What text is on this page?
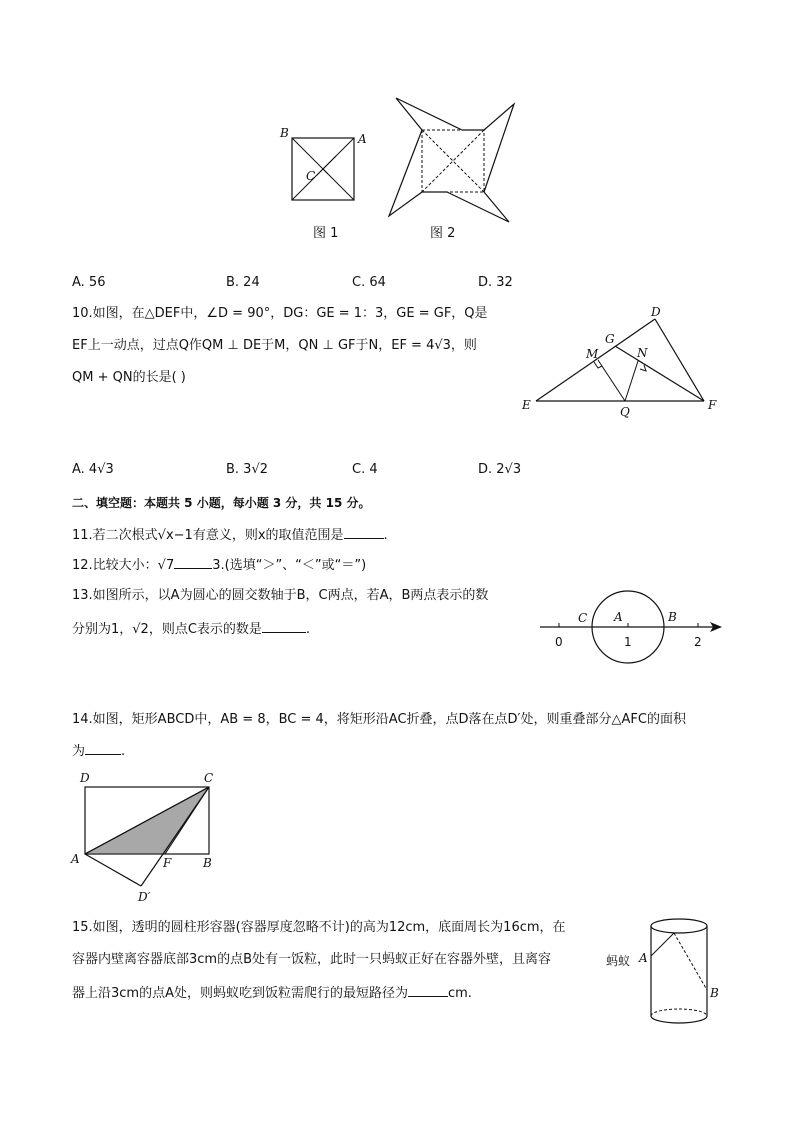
B	A
C
图 1	图 2
A. 56	B. 24	C. 64	D. 32
10.如图，在△DEF中，∠D = 90°，DG：GE = 1：3，GE = GF，Q是
EF上一动点，过点Q作QM ⊥ DE于M，QN ⊥ GF于N，EF = 4√3，则
QM + QN的长是( )
D
G
M	N
E	Q	F
A. 4√3	B. 3√2	C. 4	D. 2√3
二、填空题：本题共 5 小题，每小题 3 分，共 15 分。
11.若二次根式√x−1有意义，则x的取值范围是	.
12.比较大小：√7	3.(选填“＞”、“＜”或“＝”)
13.如图所示，以A为圆心的圆交数轴于B，C两点，若A，B两点表示的数
分别为1，√2，则点C表示的数是	.
C A	B
0	1	2
14.如图，矩形ABCD中，AB = 8，BC = 4，将矩形沿AC折叠，点D落在点D′处，则重叠部分△AFC的面积
为	.
D	C
A	F	B
D′
15.如图，透明的圆柱形容器(容器厚度忽略不计)的高为12cm，底面周长为16cm，在
容器内壁离容器底部3cm的点B处有一饭粒，此时一只蚂蚁正好在容器外壁，且离容
器上沿3cm的点A处，则蚂蚁吃到饭粒需爬行的最短路径为	cm.
蚂蚁 A
B
